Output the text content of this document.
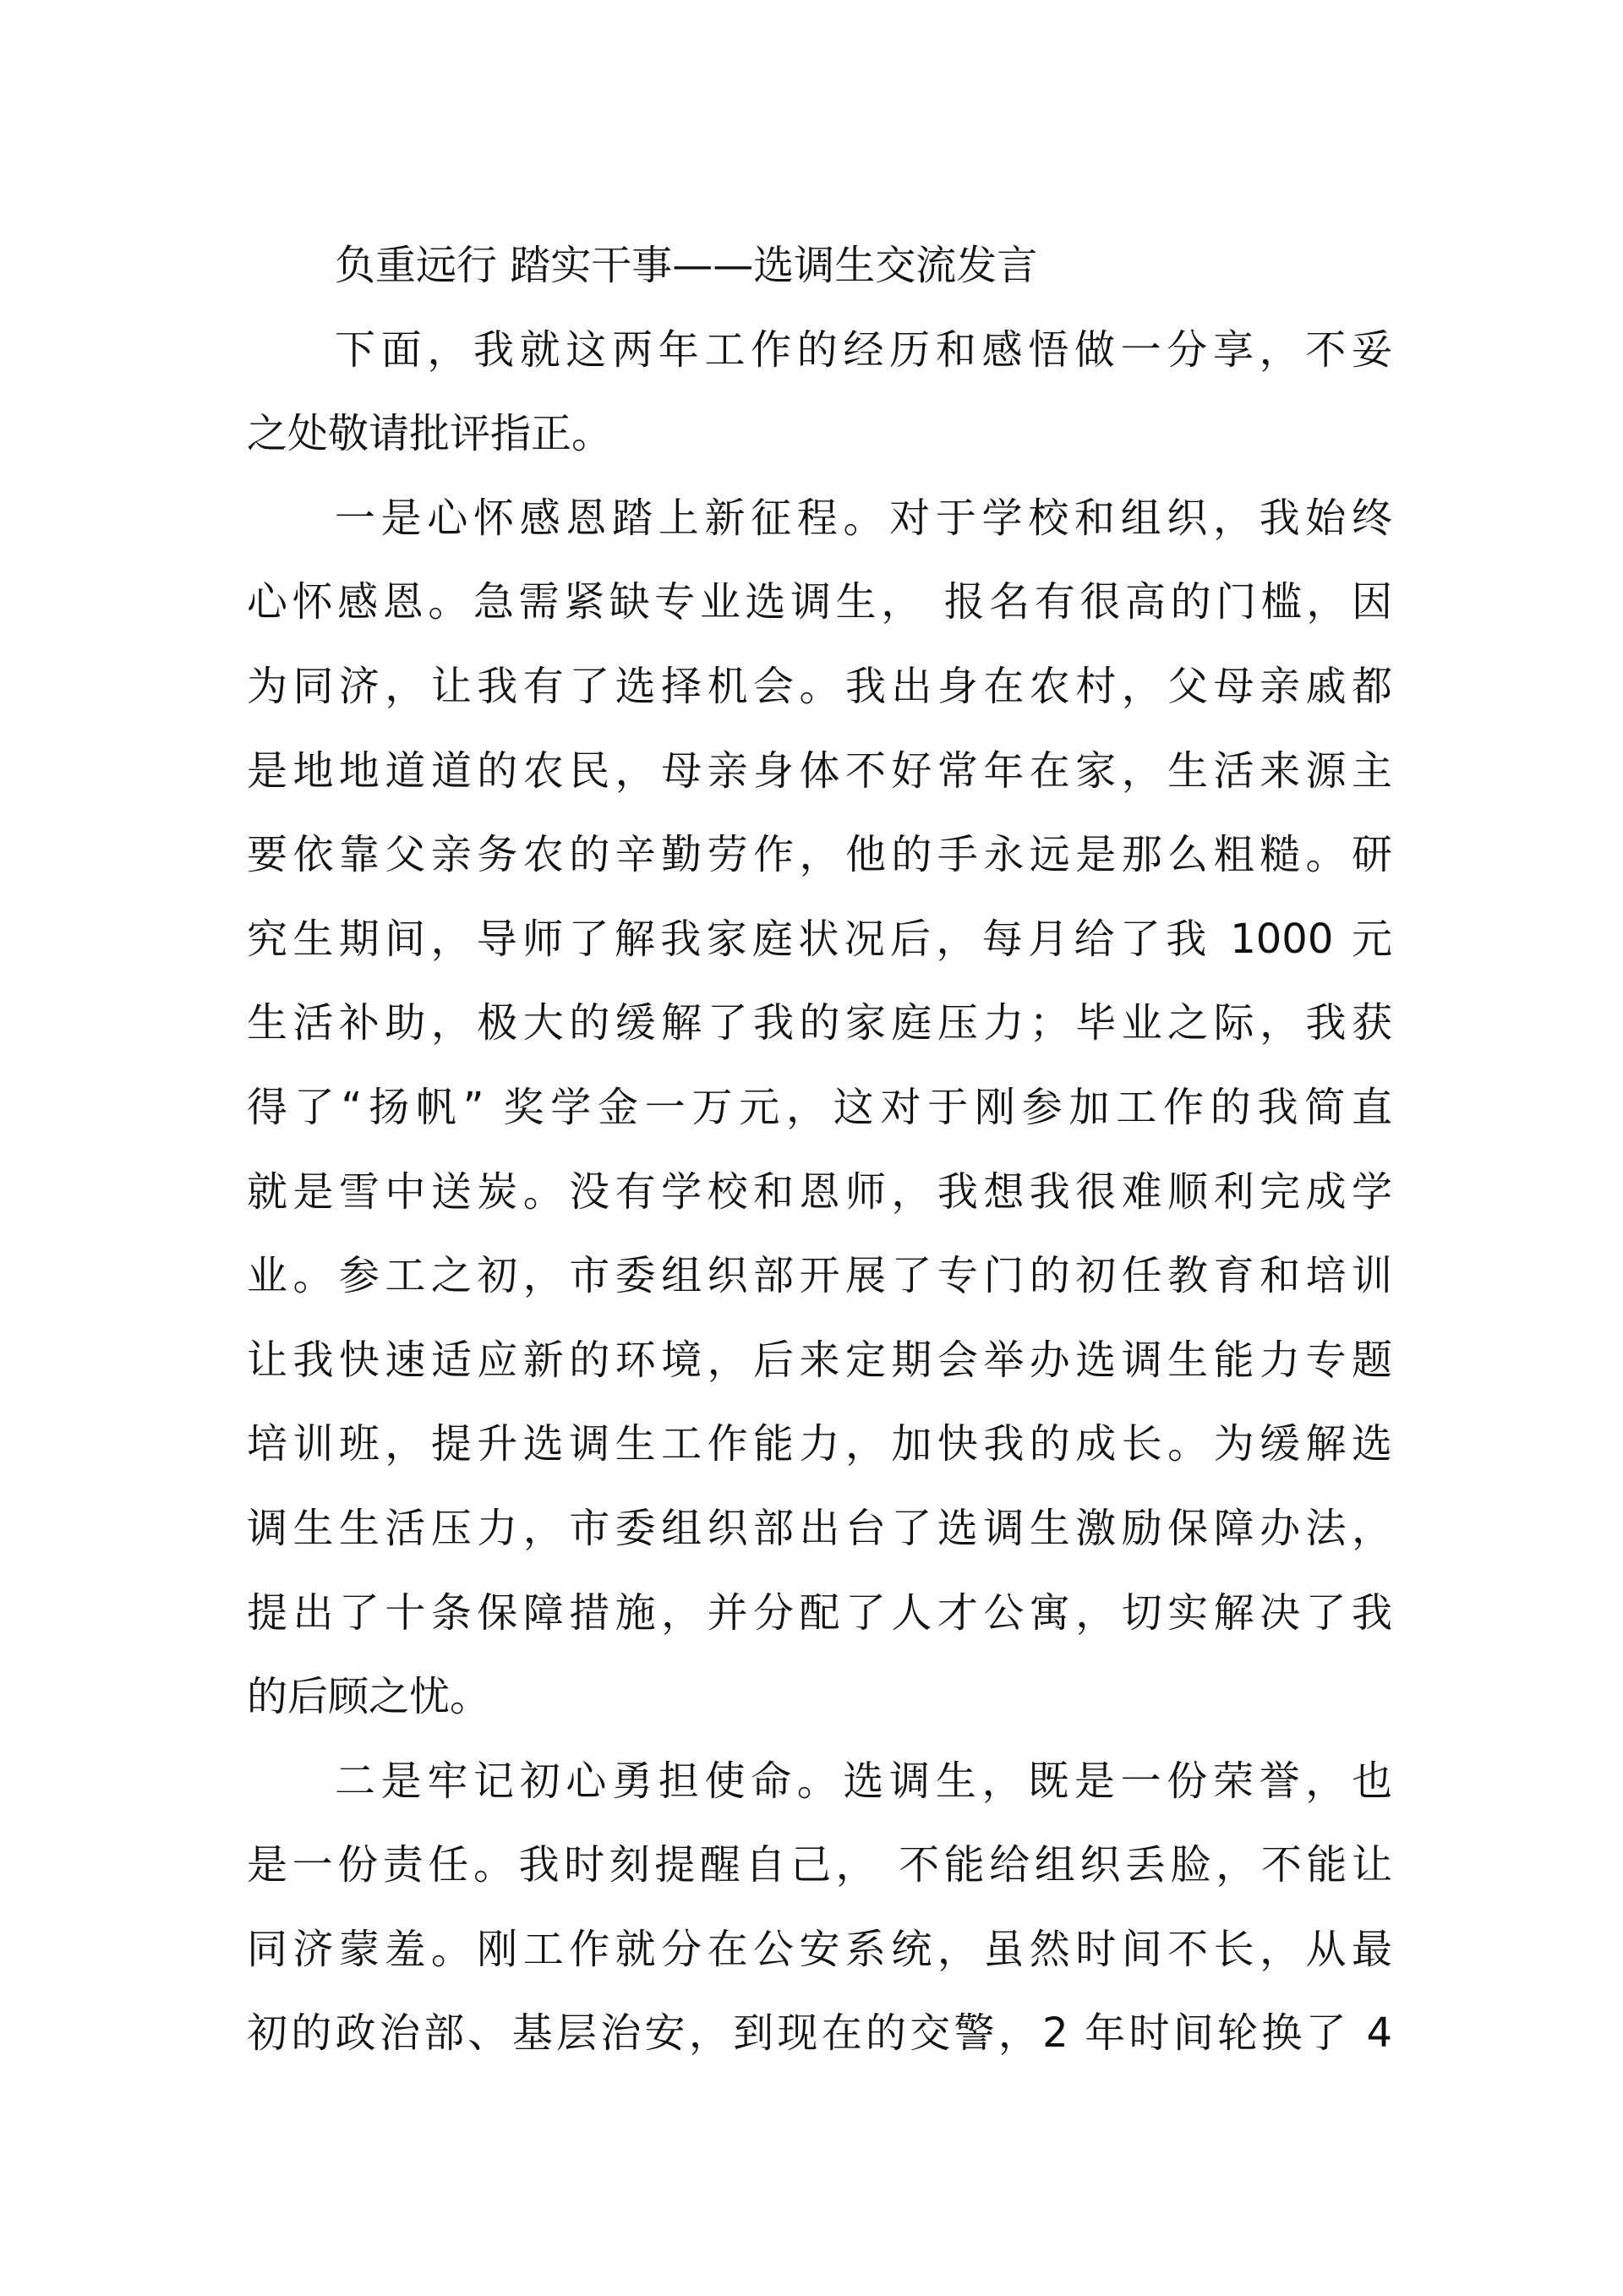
负重远行 踏实干事——选调生交流发言
下面，我就这两年工作的经历和感悟做一分享，不妥
之处敬请批评指正。
一是心怀感恩踏上新征程。对于学校和组织，我始终
心怀感恩。急需紧缺专业选调生， 报名有很高的门槛，因
为同济，让我有了选择机会。我出身在农村，父母亲戚都
是地地道道的农民，母亲身体不好常年在家，生活来源主
要依靠父亲务农的辛勤劳作，他的手永远是那么粗糙。研
究生期间，导师了解我家庭状况后，每月给了我 1000 元
生活补助，极大的缓解了我的家庭压力；毕业之际，我获
得了“扬帆” 奖学金一万元，这对于刚参加工作的我简直
就是雪中送炭。没有学校和恩师，我想我很难顺利完成学
业。参工之初，市委组织部开展了专门的初任教育和培训
让我快速适应新的环境，后来定期会举办选调生能力专题
培训班，提升选调生工作能力，加快我的成长。为缓解选
调生生活压力，市委组织部出台了选调生激励保障办法，
提出了十条保障措施，并分配了人才公寓，切实解决了我
的后顾之忧。
二是牢记初心勇担使命。选调生，既是一份荣誉，也
是一份责任。我时刻提醒自己， 不能给组织丢脸，不能让
同济蒙羞。刚工作就分在公安系统，虽然时间不长，从最
初的政治部、基层治安，到现在的交警，2 年时间轮换了 4
